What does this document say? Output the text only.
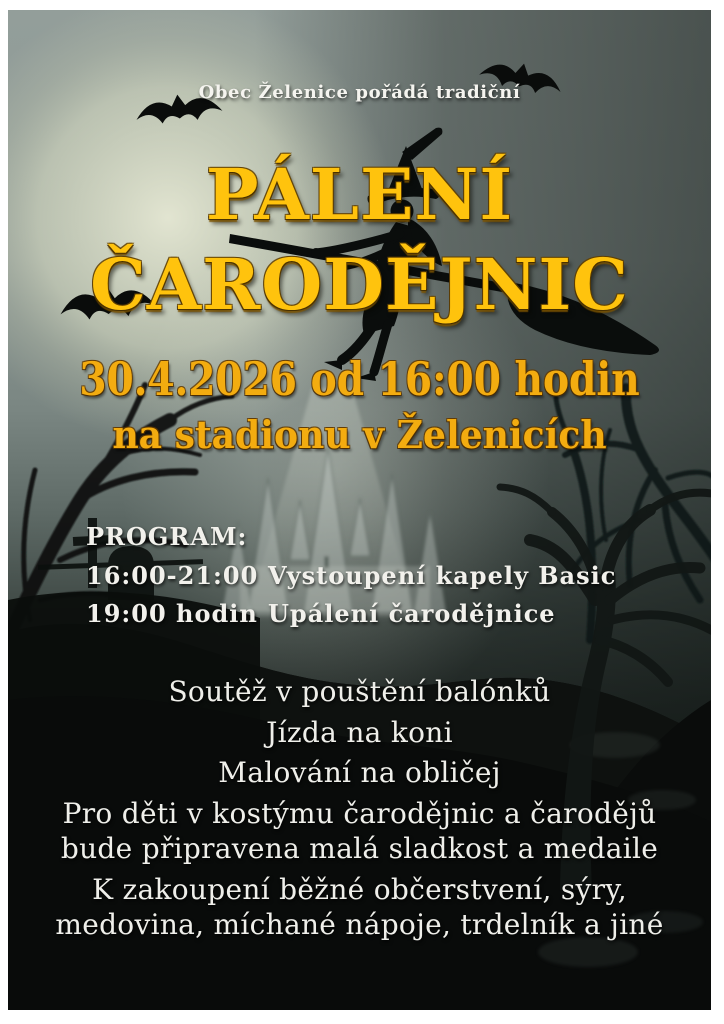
Obec Želenice pořádá tradiční
PÁLENÍ
ČARODĚJNIC
30.4.2026 od 16:00 hodin
na stadionu v Želenicích
PROGRAM:
16:00-21:00 Vystoupení kapely Basic
19:00 hodin Upálení čarodějnice
Soutěž v pouštění balónků
Jízda na koni
Malování na obličej
Pro děti v kostýmu čarodějnic a čarodějů
bude připravena malá sladkost a medaile
K zakoupení běžné občerstvení, sýry,
medovina, míchané nápoje, trdelník a jiné
